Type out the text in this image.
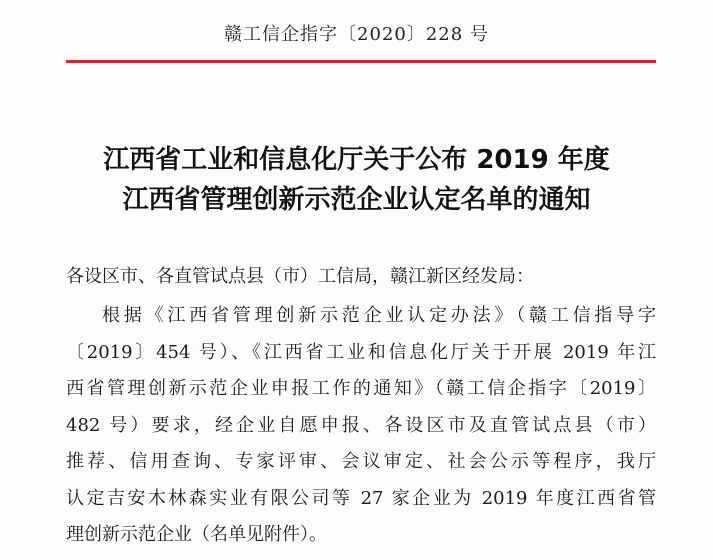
赣工信企指字〔2020〕228 号
江西省工业和信息化厅关于公布 2019 年度
江西省管理创新示范企业认定名单的通知
各设区市、各直管试点县（市）工信局，赣江新区经发局：
根据《江西省管理创新示范企业认定办法》（赣工信指导字
〔2019〕454 号）、《江西省工业和信息化厅关于开展 2019 年江
西省管理创新示范企业申报工作的通知》（赣工信企指字〔2019〕
482 号）要求，经企业自愿申报、各设区市及直管试点县（市）
推荐、信用查询、专家评审、会议审定、社会公示等程序，我厅
认定吉安木林森实业有限公司等 27 家企业为 2019 年度江西省管
理创新示范企业（名单见附件）。
